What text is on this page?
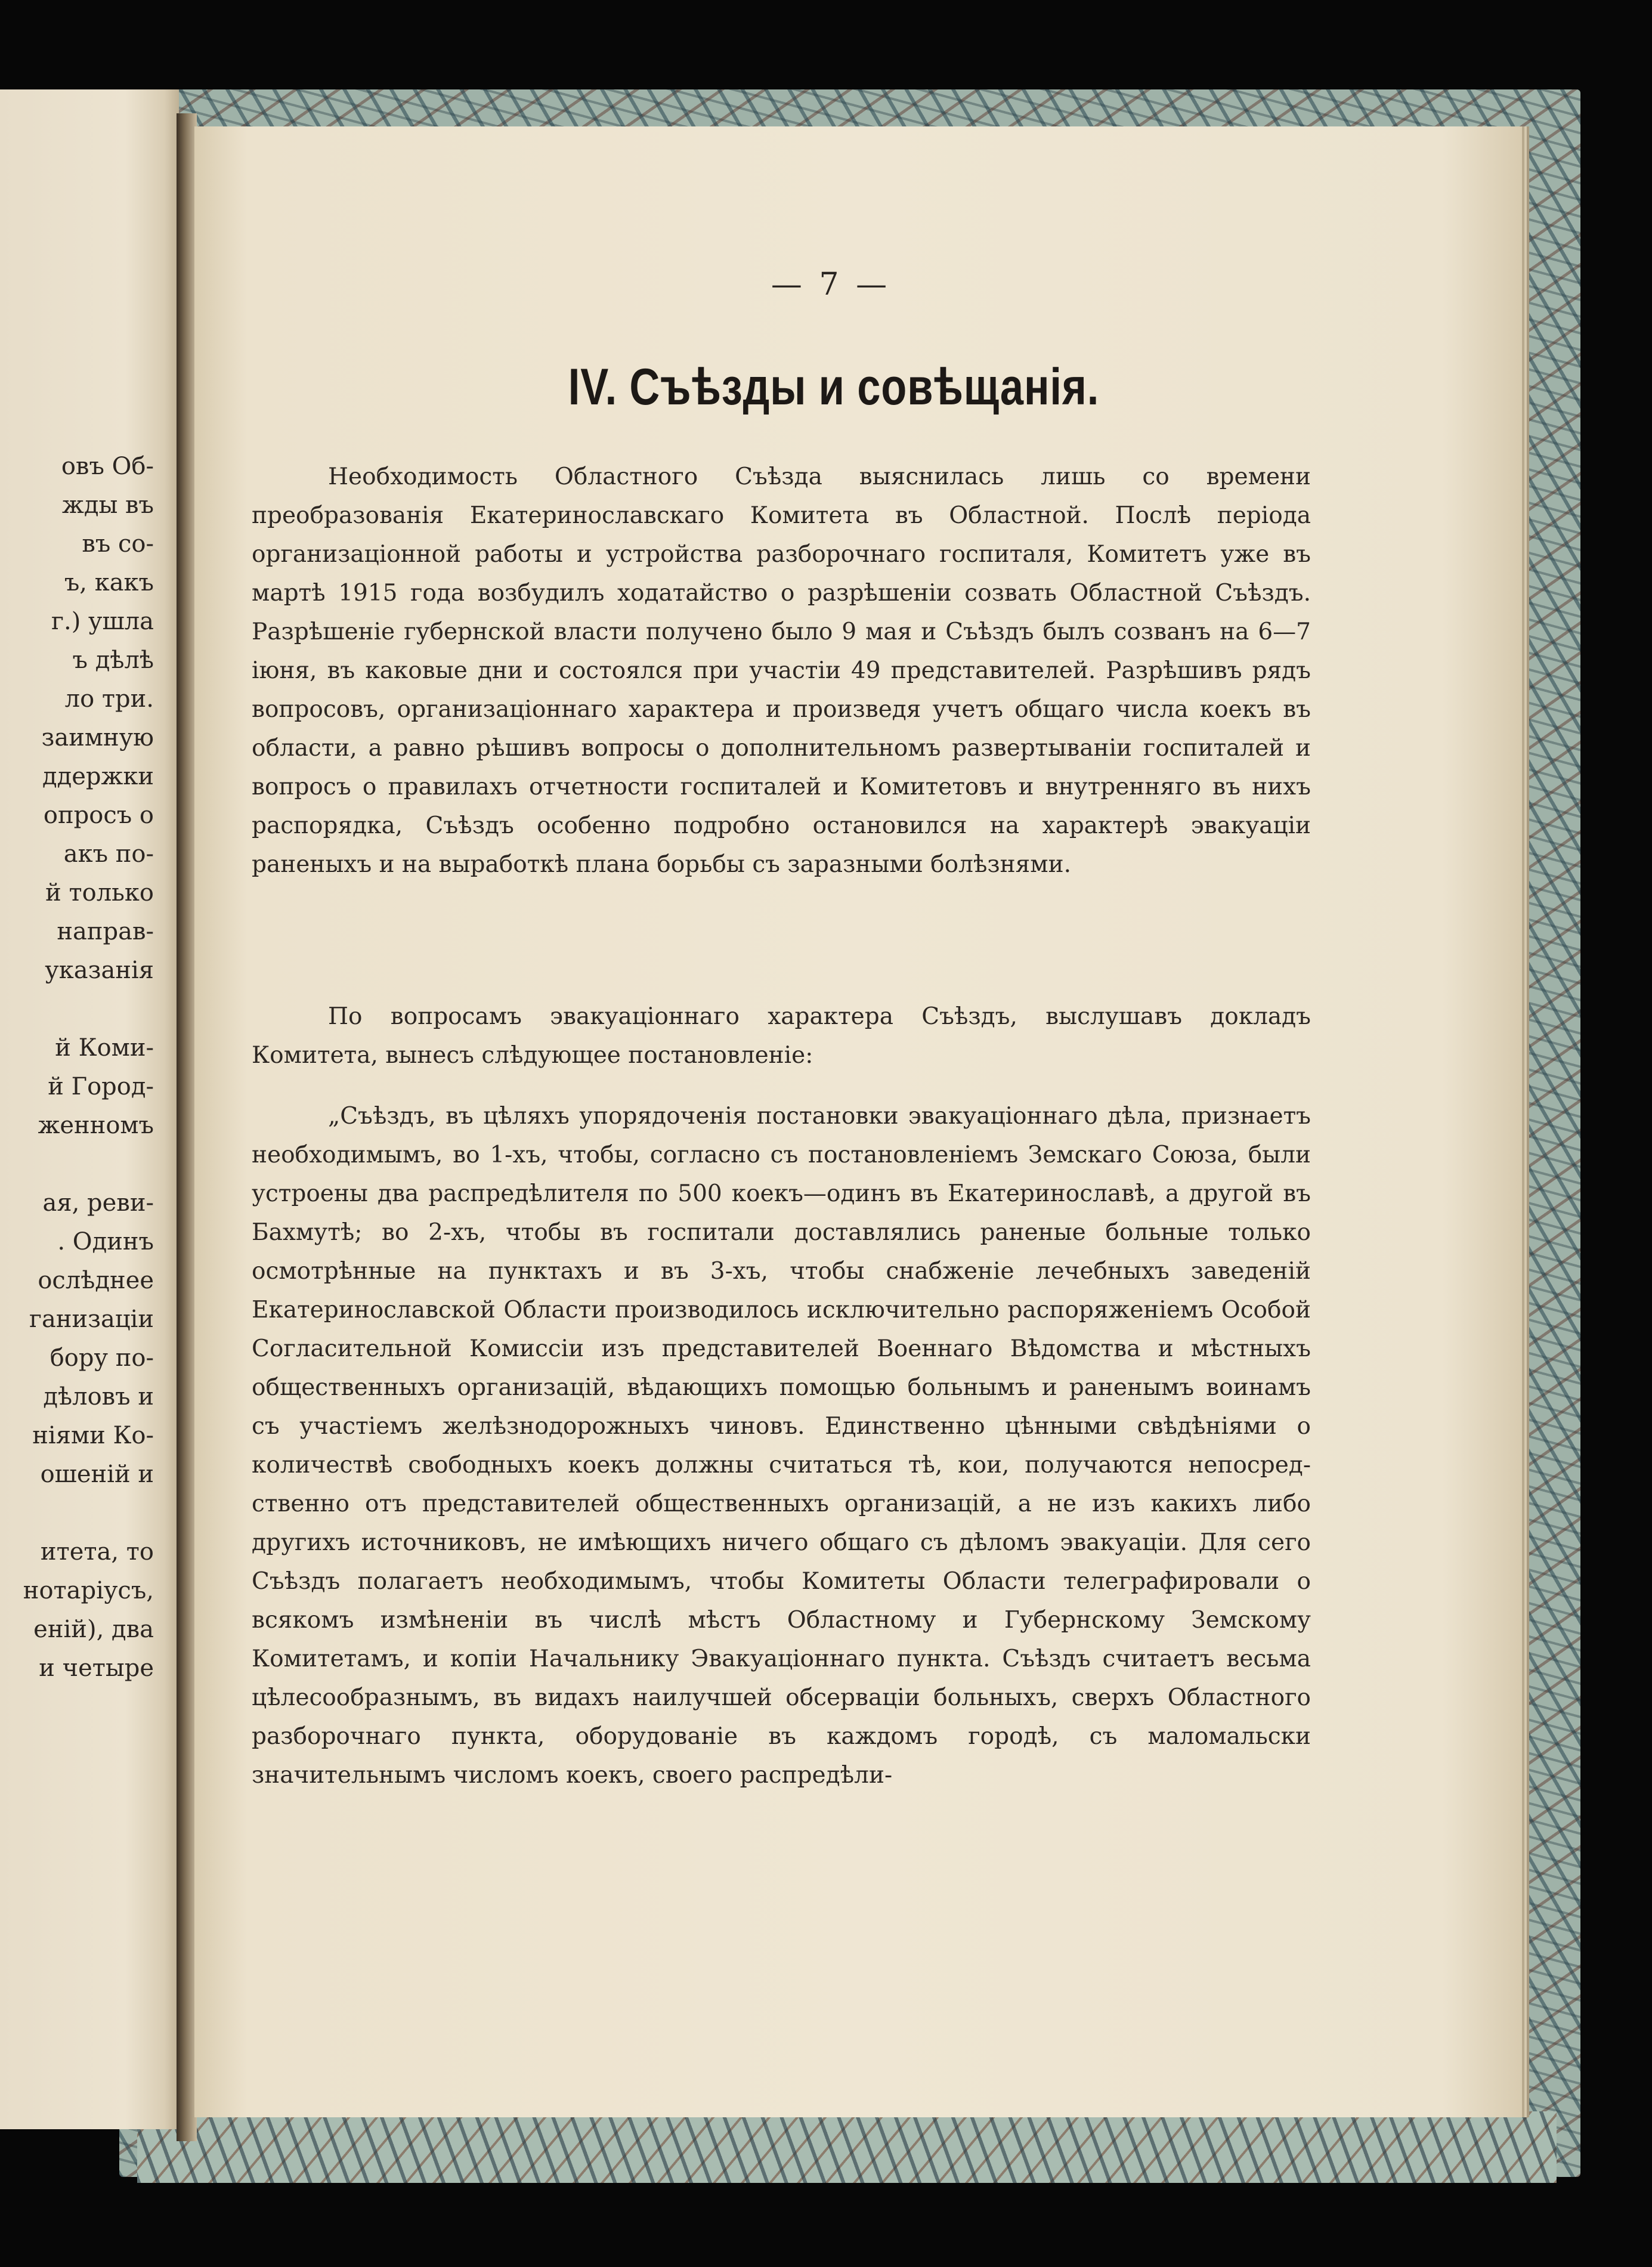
овъ Об-
жды въ
въ со-
ъ, какъ
г.) ушла
ъ дѣлѣ
ло три.
заимную
ддержки
опросъ о
акъ по-
й только
направ-
указанія
й Коми-
й Город-
женномъ
ая, реви-
. Одинъ
ослѣднее
ганизаціи
бору по-
дѣловъ и
ніями Ко-
ошеній и
итета, то
нотаріусъ,
еній), два
и четыре
— 7 —
IV. Съѣзды и совѣщанія.

Необходимость Областного Съѣзда выяснилась лишь со времени преобразованія Екатеринославскаго Комитета въ Областной. Послѣ періода организаціонной работы и устройства разборочнаго госпиталя, Комитетъ уже въ мартѣ 1915 года возбудилъ ходатайство о разрѣшеніи созвать Областной Съѣздъ. Разрѣшеніе губернской власти получено было 9 мая и Съѣздъ былъ созванъ на 6—7 іюня, въ каковые дни и состоялся при участіи 49 представителей. Разрѣшивъ рядъ вопросовъ, организаціоннаго характера и произведя учетъ общаго числа коекъ въ области, а равно рѣшивъ вопросы о дополнительномъ развертываніи госпиталей и вопросъ о правилахъ отчетности госпиталей и Комитетовъ и внутренняго въ нихъ распорядка, Съѣздъ особенно подробно остановился на характерѣ эвакуаціи раненыхъ и на выработкѣ плана борьбы съ заразными болѣзнями.

По вопросамъ эвакуаціоннаго характера Съѣздъ, выслушавъ докладъ Комитета, вынесъ слѣдующее постановленіе:

„Съѣздъ, въ цѣляхъ упорядоченія постановки эвакуаціоннаго дѣла, признаетъ необходимымъ, во 1-хъ, чтобы, согласно съ постановленіемъ Земскаго Союза, были устроены два распредѣлителя по 500 коекъ—одинъ въ Екатеринославѣ, а другой въ Бахмутѣ; во 2-хъ, чтобы въ госпитали доставлялись раненые больные только осмотрѣнные на пунктахъ и въ 3-хъ, чтобы снабженіе лечебныхъ заведеній Екатеринославской Области производилось исключительно распоряженіемъ Особой Согласительной Комиссіи изъ представителей Военнаго Вѣдомства и мѣстныхъ общественныхъ организацій, вѣдающихъ помощью больнымъ и раненымъ воинамъ съ участіемъ желѣзнодорожныхъ чиновъ. Единственно цѣнными свѣдѣніями о количествѣ свободныхъ коекъ должны считаться тѣ, кои, получаются непосредственно отъ представителей общественныхъ организацій, а не изъ какихъ либо другихъ источниковъ, не имѣющихъ ничего общаго съ дѣломъ эвакуаціи. Для сего Съѣздъ полагаетъ необходимымъ, чтобы Комитеты Области телеграфировали о всякомъ измѣненіи въ числѣ мѣстъ Областному и Губернскому Земскому Комитетамъ, и копіи Начальнику Эвакуаціоннаго пункта. Съѣздъ считаетъ весьма цѣлесообразнымъ, въ видахъ наилучшей обсерваціи больныхъ, сверхъ Областного разборочнаго пункта, оборудованіе въ каждомъ городѣ, съ маломальски значительнымъ числомъ коекъ, своего распредѣли-
